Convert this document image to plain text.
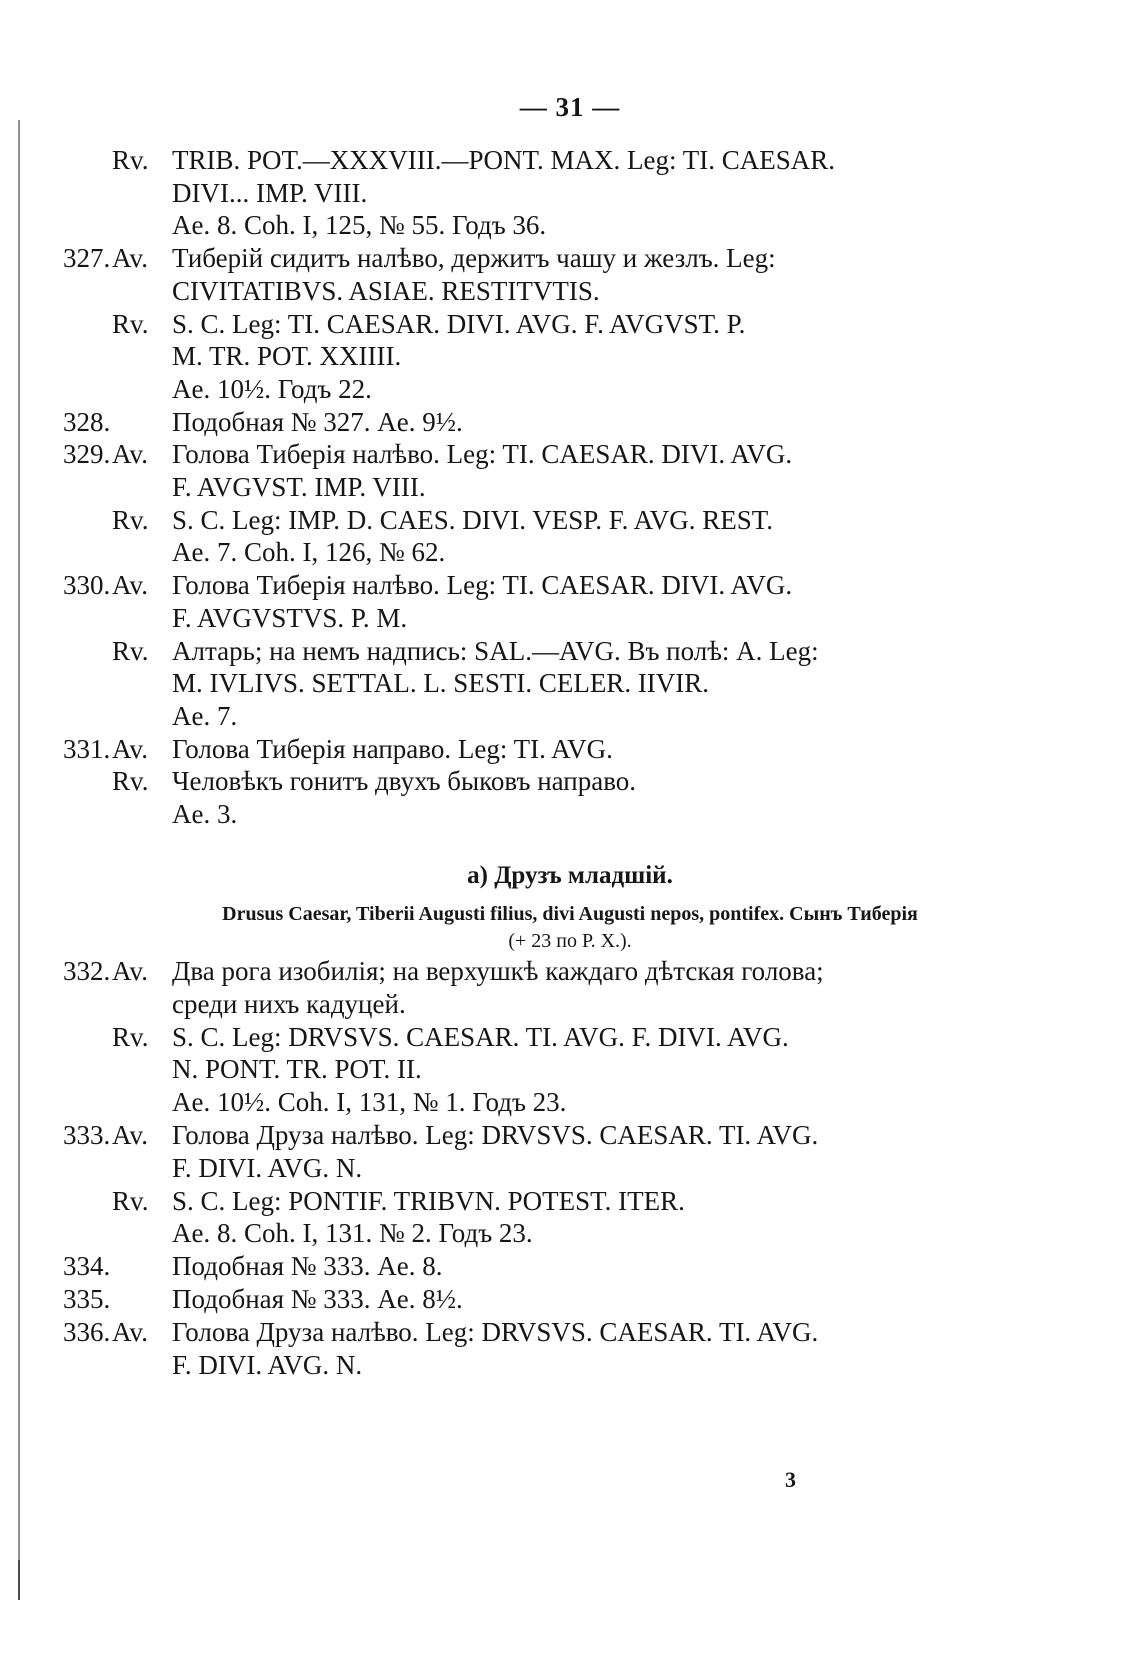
— 31 —
Rv. TRIB. POT.—XXXVIII.—PONT. MAX. Leg: TI. CAESAR.
DIVI... IMP. VIII.
Ae. 8. Coh. I, 125, № 55. Годъ 36.
327. Av. Тиберій сидитъ налѣво, держитъ чашу и жезлъ. Leg:
CIVITATIBVS. ASIAE. RESTITVTIS.
Rv. S. C. Leg: TI. CAESAR. DIVI. AVG. F. AVGVST. P.
M. TR. POT. XXIIII.
Ae. 10½. Годъ 22.
328. Подобная № 327. Ae. 9½.
329. Av. Голова Тиберія налѣво. Leg: TI. CAESAR. DIVI. AVG.
F. AVGVST. IMP. VIII.
Rv. S. C. Leg: IMP. D. CAES. DIVI. VESP. F. AVG. REST.
Ae. 7. Coh. I, 126, № 62.
330. Av. Голова Тиберія налѣво. Leg: TI. CAESAR. DIVI. AVG.
F. AVGVSTVS. P. M.
Rv. Алтарь; на немъ надпись: SAL.—AVG. Въ полѣ: A. Leg:
M. IVLIVS. SETTAL. L. SESTI. CELER. IIVIR.
Ae. 7.
331. Av. Голова Тиберія направо. Leg: TI. AVG.
Rv. Человѣкъ гонитъ двухъ быковъ направо.
Ae. 3.
а) Друзъ младшій.
Drusus Caesar, Tiberii Augusti filius, divi Augusti nepos, pontifex. Сынъ Тиберія
(+ 23 по Р. Х.).
332. Av. Два рога изобилія; на верхушкѣ каждаго дѣтская голова;
среди нихъ кадуцей.
Rv. S. C. Leg: DRVSVS. CAESAR. TI. AVG. F. DIVI. AVG.
N. PONT. TR. POT. II.
Ae. 10½. Coh. I, 131, № 1. Годъ 23.
333. Av. Голова Друза налѣво. Leg: DRVSVS. CAESAR. TI. AVG.
F. DIVI. AVG. N.
Rv. S. C. Leg: PONTIF. TRIBVN. POTEST. ITER.
Ae. 8. Coh. I, 131. № 2. Годъ 23.
334. Подобная № 333. Ae. 8.
335. Подобная № 333. Ae. 8½.
336. Av. Голова Друза налѣво. Leg: DRVSVS. CAESAR. TI. AVG.
F. DIVI. AVG. N.
3
